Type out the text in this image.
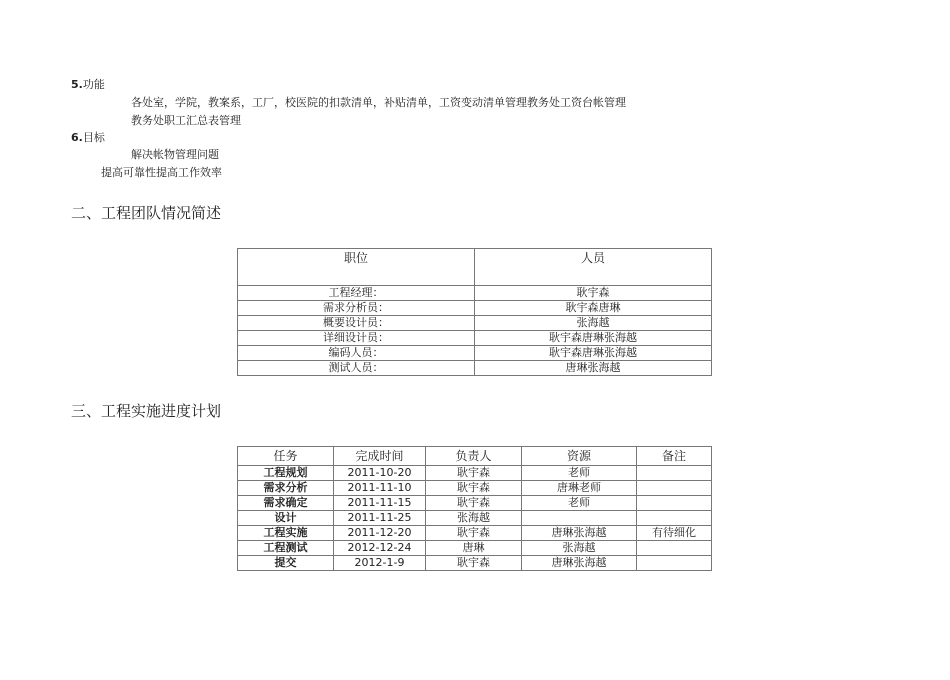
5.功能
各处室，学院，教案系，工厂，校医院的扣款清单，补贴清单，工资变动清单管理教务处工资台帐管理
教务处职工汇总表管理
6.目标
解决帐物管理问题
提高可靠性提高工作效率
二、工程团队情况简述
职位	人员
工程经理：	耿宇森
需求分析员：	耿宇森唐琳
概要设计员：	张海越
详细设计员：	耿宇森唐琳张海越
编码人员：	耿宇森唐琳张海越
测试人员：	唐琳张海越
三、工程实施进度计划
任务	完成时间	负责人	资源	备注
工程规划	2011-10-20	耿宇森	老师	
需求分析	2011-11-10	耿宇森	唐琳老师	
需求确定	2011-11-15	耿宇森	老师	
设计	2011-11-25	张海越		
工程实施	2011-12-20	耿宇森	唐琳张海越	有待细化
工程测试	2012-12-24	唐琳	张海越	
提交	2012-1-9	耿宇森	唐琳张海越	
